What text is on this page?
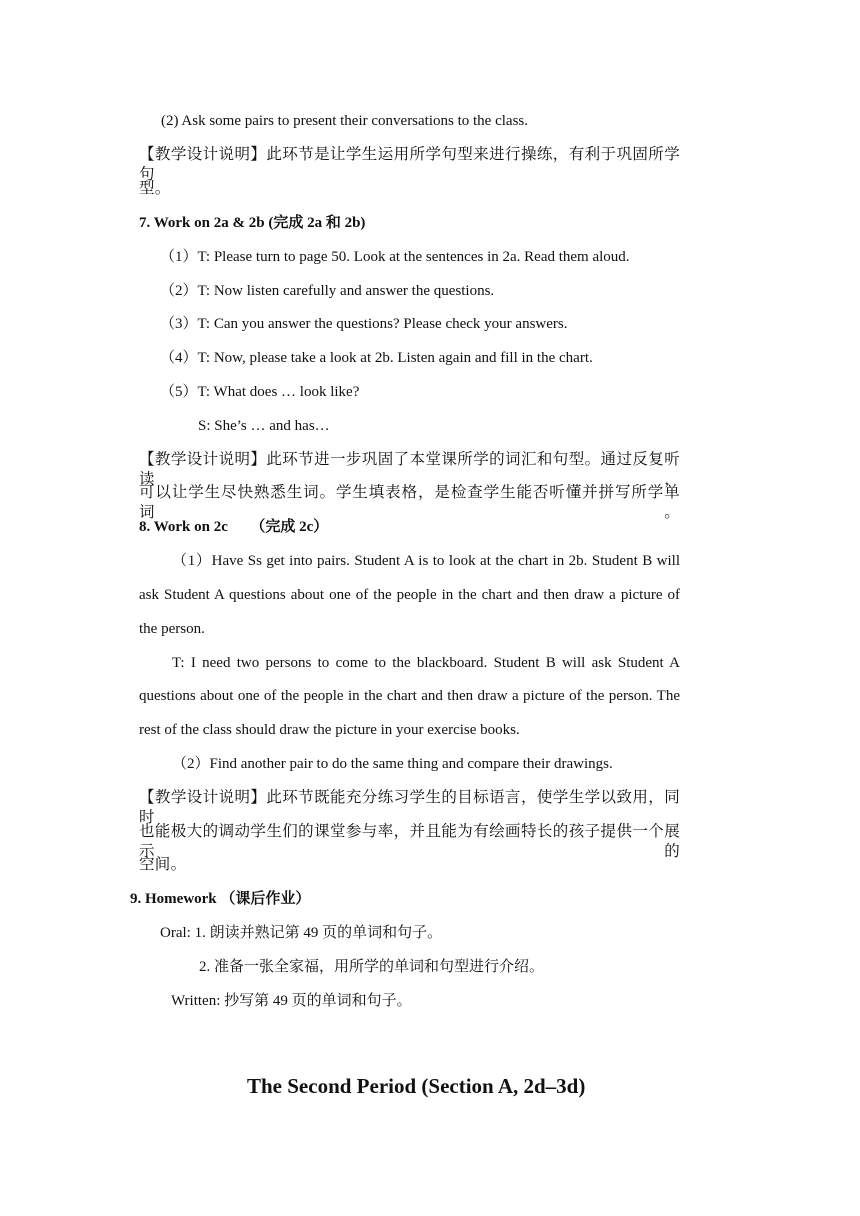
(2) Ask some pairs to present their conversations to the class.
【教学设计说明】此环节是让学生运用所学句型来进行操练，有利于巩固所学句
型。
7. Work on 2a & 2b (完成 2a 和 2b)
（1）T: Please turn to page 50. Look at the sentences in 2a. Read them aloud.
（2）T: Now listen carefully and answer the questions.
（3）T: Can you answer the questions? Please check your answers.
（4）T: Now, please take a look at 2b. Listen again and fill in the chart.
（5）T: What does … look like?
S: She’s … and has…
【教学设计说明】此环节进一步巩固了本堂课所学的词汇和句型。通过反复听读，
可以让学生尽快熟悉生词。学生填表格，是检查学生能否听懂并拼写所学单词。
8. Work on 2c　　（完成 2c）
（1）Have Ss get into pairs. Student A is to look at the chart in 2b. Student B will
ask Student A questions about one of the people in the chart and then draw a picture of
the person.
T: I need two persons to come to the blackboard. Student B will ask Student A
questions about one of the people in the chart and then draw a picture of the person. The
rest of the class should draw the picture in your exercise books.
（2）Find another pair to do the same thing and compare their drawings.
【教学设计说明】此环节既能充分练习学生的目标语言，使学生学以致用，同时
也能极大的调动学生们的课堂参与率，并且能为有绘画特长的孩子提供一个展示的
空间。
9. Homework （课后作业）
Oral: 1. 朗读并熟记第 49 页的单词和句子。
2. 准备一张全家福，用所学的单词和句型进行介绍。
Written: 抄写第 49 页的单词和句子。
The Second Period (Section A, 2d–3d)
